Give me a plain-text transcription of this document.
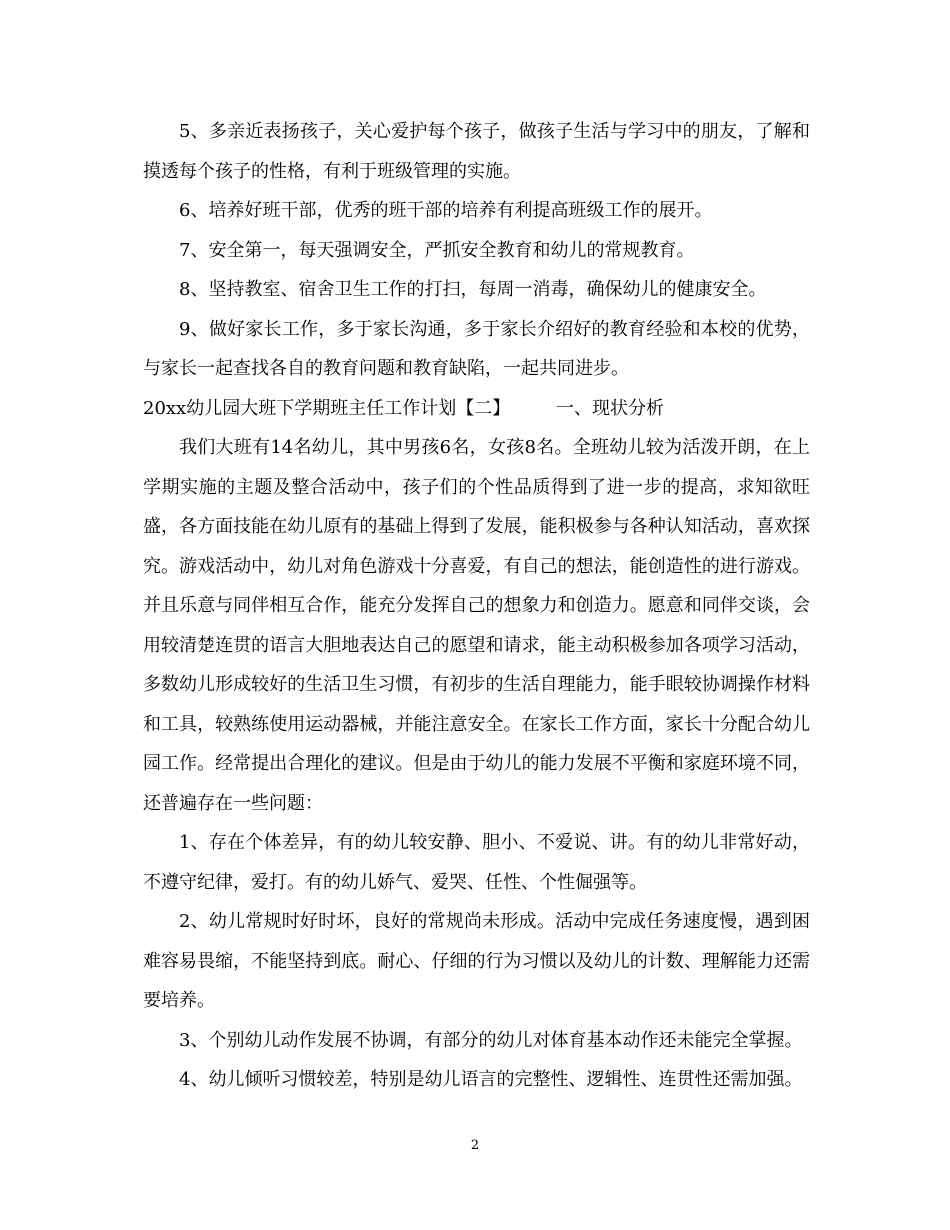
5、多亲近表扬孩子，关心爱护每个孩子，做孩子生活与学习中的朋友，了解和摸透每个孩子的性格，有利于班级管理的实施。

6、培养好班干部，优秀的班干部的培养有利提高班级工作的展开。

7、安全第一，每天强调安全，严抓安全教育和幼儿的常规教育。

8、坚持教室、宿舍卫生工作的打扫，每周一消毒，确保幼儿的健康安全。

9、做好家长工作，多于家长沟通，多于家长介绍好的教育经验和本校的优势，与家长一起查找各自的教育问题和教育缺陷，一起共同进步。

20xx幼儿园大班下学期班主任工作计划【二】        一、现状分析

我们大班有14名幼儿，其中男孩6名，女孩8名。全班幼儿较为活泼开朗，在上学期实施的主题及整合活动中，孩子们的个性品质得到了进一步的提高，求知欲旺盛，各方面技能在幼儿原有的基础上得到了发展，能积极参与各种认知活动，喜欢探究。游戏活动中，幼儿对角色游戏十分喜爱，有自己的想法，能创造性的进行游戏。并且乐意与同伴相互合作，能充分发挥自己的想象力和创造力。愿意和同伴交谈，会用较清楚连贯的语言大胆地表达自己的愿望和请求，能主动积极参加各项学习活动，多数幼儿形成较好的生活卫生习惯，有初步的生活自理能力，能手眼较协调操作材料和工具，较熟练使用运动器械，并能注意安全。在家长工作方面，家长十分配合幼儿园工作。经常提出合理化的建议。但是由于幼儿的能力发展不平衡和家庭环境不同，还普遍存在一些问题：

1、存在个体差异，有的幼儿较安静、胆小、不爱说、讲。有的幼儿非常好动，不遵守纪律，爱打。有的幼儿娇气、爱哭、任性、个性倔强等。

2、幼儿常规时好时坏，良好的常规尚未形成。活动中完成任务速度慢，遇到困难容易畏缩，不能坚持到底。耐心、仔细的行为习惯以及幼儿的计数、理解能力还需要培养。

3、个别幼儿动作发展不协调，有部分的幼儿对体育基本动作还未能完全掌握。

4、幼儿倾听习惯较差，特别是幼儿语言的完整性、逻辑性、连贯性还需加强。

2
